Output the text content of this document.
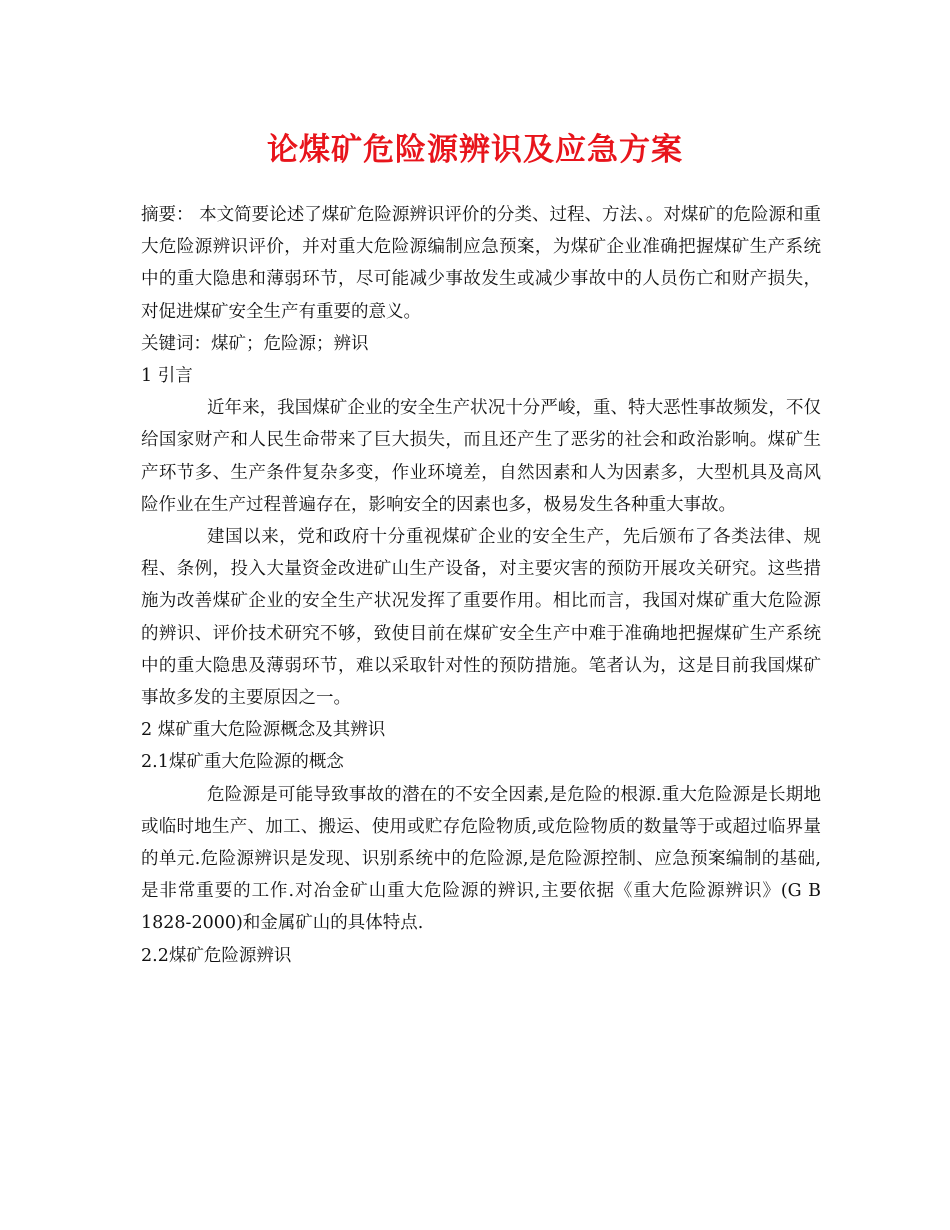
论煤矿危险源辨识及应急方案

摘要： 本文简要论述了煤矿危险源辨识评价的分类、过程、方法、。对煤矿的危险源和重大危险源辨识评价，并对重大危险源编制应急预案，为煤矿企业准确把握煤矿生产系统中的重大隐患和薄弱环节，尽可能减少事故发生或减少事故中的人员伤亡和财产损失，对促进煤矿安全生产有重要的意义。

关键词：煤矿；危险源；辨识

1 引言

近年来，我国煤矿企业的安全生产状况十分严峻，重、特大恶性事故频发，不仅给国家财产和人民生命带来了巨大损失，而且还产生了恶劣的社会和政治影响。煤矿生产环节多、生产条件复杂多变，作业环境差，自然因素和人为因素多，大型机具及高风险作业在生产过程普遍存在，影响安全的因素也多，极易发生各种重大事故。

建国以来，党和政府十分重视煤矿企业的安全生产，先后颁布了各类法律、规程、条例，投入大量资金改进矿山生产设备，对主要灾害的预防开展攻关研究。这些措施为改善煤矿企业的安全生产状况发挥了重要作用。相比而言，我国对煤矿重大危险源的辨识、评价技术研究不够，致使目前在煤矿安全生产中难于准确地把握煤矿生产系统中的重大隐患及薄弱环节，难以采取针对性的预防措施。笔者认为，这是目前我国煤矿事故多发的主要原因之一。

2 煤矿重大危险源概念及其辨识

2.1煤矿重大危险源的概念

危险源是可能导致事故的潜在的不安全因素,是危险的根源.重大危险源是长期地或临时地生产、加工、搬运、使用或贮存危险物质,或危险物质的数量等于或超过临界量的单元.危险源辨识是发现、识别系统中的危险源,是危险源控制、应急预案编制的基础,是非常重要的工作.对冶金矿山重大危险源的辨识,主要依据《重大危险源辨识》(G B 1828-2000)和金属矿山的具体特点.

2.2煤矿危险源辨识
